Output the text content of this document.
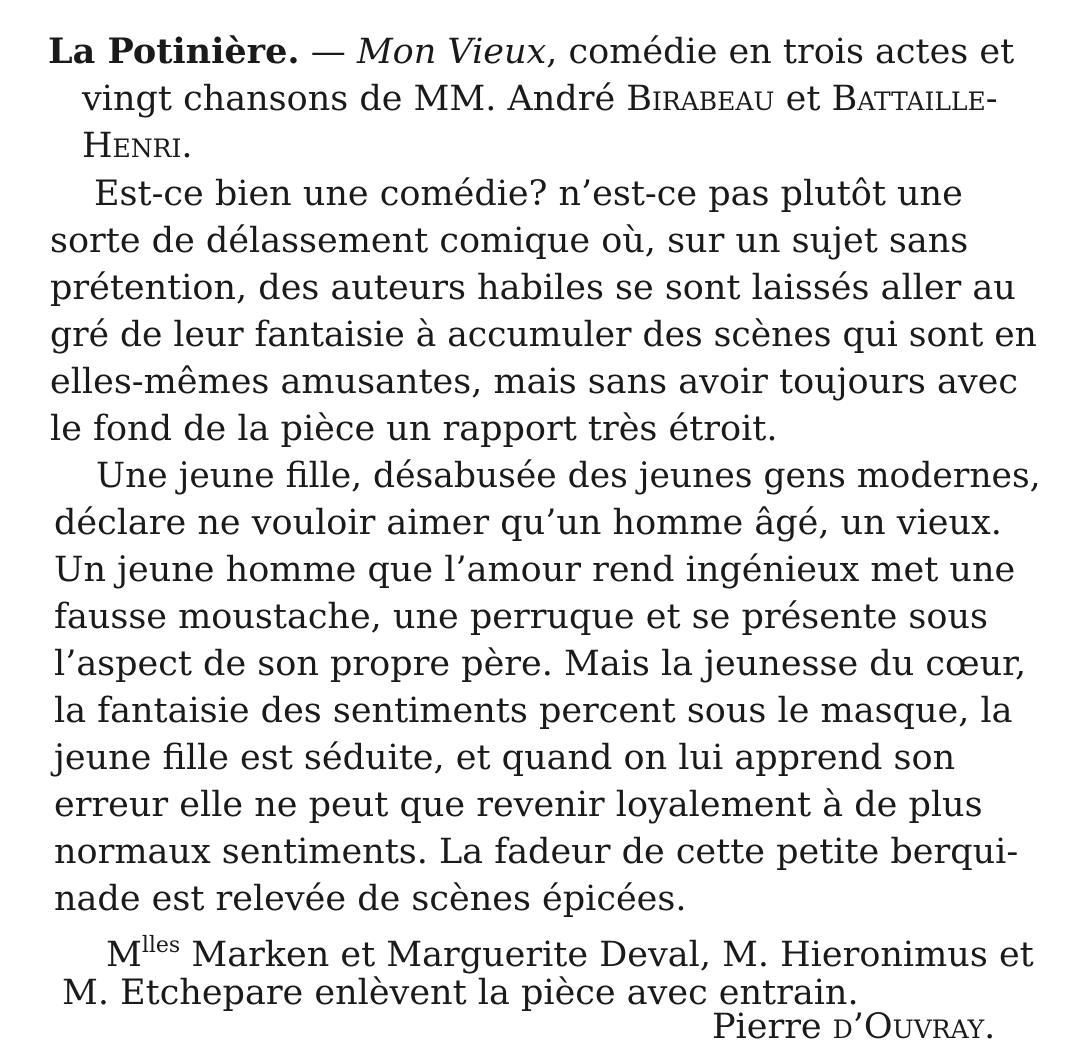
La Potinière. — Mon Vieux, comédie en trois actes et
vingt chansons de MM. André Birabeau et Battaille-
Henri.
Est-ce bien une comédie? n’est-ce pas plutôt une
sorte de délassement comique où, sur un sujet sans
prétention, des auteurs habiles se sont laissés aller au
gré de leur fantaisie à accumuler des scènes qui sont en
elles-mêmes amusantes, mais sans avoir toujours avec
le fond de la pièce un rapport très étroit.
Une jeune fille, désabusée des jeunes gens modernes,
déclare ne vouloir aimer qu’un homme âgé, un vieux.
Un jeune homme que l’amour rend ingénieux met une
fausse moustache, une perruque et se présente sous
l’aspect de son propre père. Mais la jeunesse du cœur,
la fantaisie des sentiments percent sous le masque, la
jeune fille est séduite, et quand on lui apprend son
erreur elle ne peut que revenir loyalement à de plus
normaux sentiments. La fadeur de cette petite berqui-
nade est relevée de scènes épicées.
$M^{lles}$ Marken et Marguerite Deval, M. Hieronimus et
M. Etchepare enlèvent la pièce avec entrain.
Pierre d’Ouvray.
